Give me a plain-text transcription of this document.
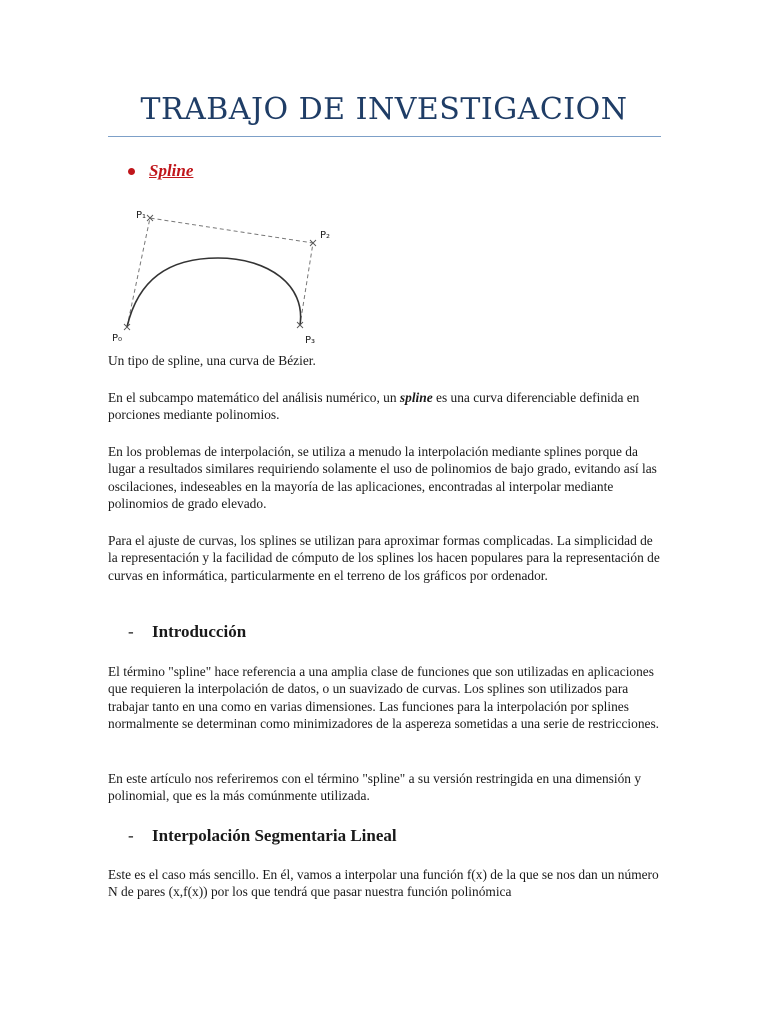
TRABAJO DE INVESTIGACION
Spline
P₁
P₂
P₀	P₃

Un tipo de spline, una curva de Bézier.

En el subcampo matemático del análisis numérico, un spline es una curva diferenciable definida en porciones mediante polinomios.

En los problemas de interpolación, se utiliza a menudo la interpolación mediante splines porque da lugar a resultados similares requiriendo solamente el uso de polinomios de bajo grado, evitando así las oscilaciones, indeseables en la mayoría de las aplicaciones, encontradas al interpolar mediante polinomios de grado elevado.

Para el ajuste de curvas, los splines se utilizan para aproximar formas complicadas. La simplicidad de la representación y la facilidad de cómputo de los splines los hacen populares para la representación de curvas en informática, particularmente en el terreno de los gráficos por ordenador.

-	Introducción

El término "spline" hace referencia a una amplia clase de funciones que son utilizadas en aplicaciones que requieren la interpolación de datos, o un suavizado de curvas. Los splines son utilizados para trabajar tanto en una como en varias dimensiones. Las funciones para la interpolación por splines normalmente se determinan como minimizadores de la aspereza sometidas a una serie de restricciones.

En este artículo nos referiremos con el término "spline" a su versión restringida en una dimensión y polinomial, que es la más comúnmente utilizada.

-	Interpolación Segmentaria Lineal

Este es el caso más sencillo. En él, vamos a interpolar una función f(x) de la que se nos dan un número N de pares (x,f(x)) por los que tendrá que pasar nuestra función polinómica
